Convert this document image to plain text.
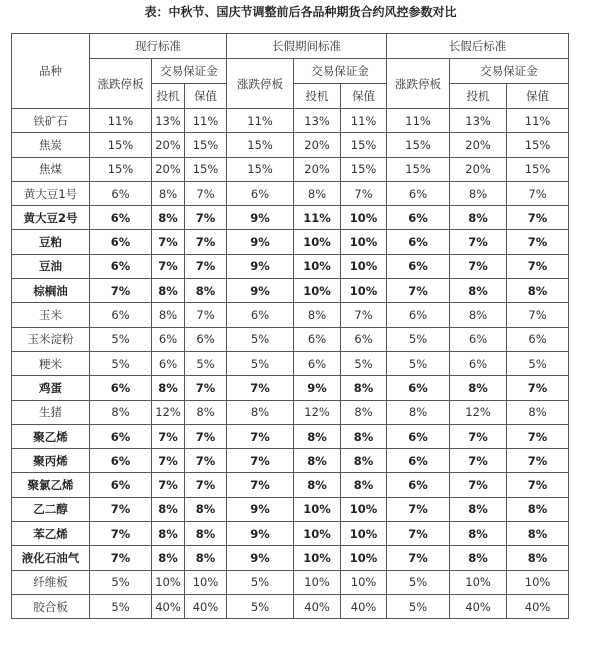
表：中秋节、国庆节调整前后各品种期货合约风控参数对比
品种	现行标准			长假期间标准			长假后标准		
	涨跌停板	交易保证金		涨跌停板	交易保证金		涨跌停板	交易保证金	
		投机	保值		投机	保值		投机	保值
铁矿石	11%	13%	11%	11%	13%	11%	11%	13%	11%
焦炭	15%	20%	15%	15%	20%	15%	15%	20%	15%
焦煤	15%	20%	15%	15%	20%	15%	15%	20%	15%
黄大豆1号	6%	8%	7%	6%	8%	7%	6%	8%	7%
黄大豆2号	6%	8%	7%	9%	11%	10%	6%	8%	7%
豆粕	6%	7%	7%	9%	10%	10%	6%	7%	7%
豆油	6%	7%	7%	9%	10%	10%	6%	7%	7%
棕榈油	7%	8%	8%	9%	10%	10%	7%	8%	8%
玉米	6%	8%	7%	6%	8%	7%	6%	8%	7%
玉米淀粉	5%	6%	6%	5%	6%	6%	5%	6%	6%
粳米	5%	6%	5%	5%	6%	5%	5%	6%	5%
鸡蛋	6%	8%	7%	7%	9%	8%	6%	8%	7%
生猪	8%	12%	8%	8%	12%	8%	8%	12%	8%
聚乙烯	6%	7%	7%	7%	8%	8%	6%	7%	7%
聚丙烯	6%	7%	7%	7%	8%	8%	6%	7%	7%
聚氯乙烯	6%	7%	7%	7%	8%	8%	6%	7%	7%
乙二醇	7%	8%	8%	9%	10%	10%	7%	8%	8%
苯乙烯	7%	8%	8%	9%	10%	10%	7%	8%	8%
液化石油气	7%	8%	8%	9%	10%	10%	7%	8%	8%
纤维板	5%	10%	10%	5%	10%	10%	5%	10%	10%
胶合板	5%	40%	40%	5%	40%	40%	5%	40%	40%
